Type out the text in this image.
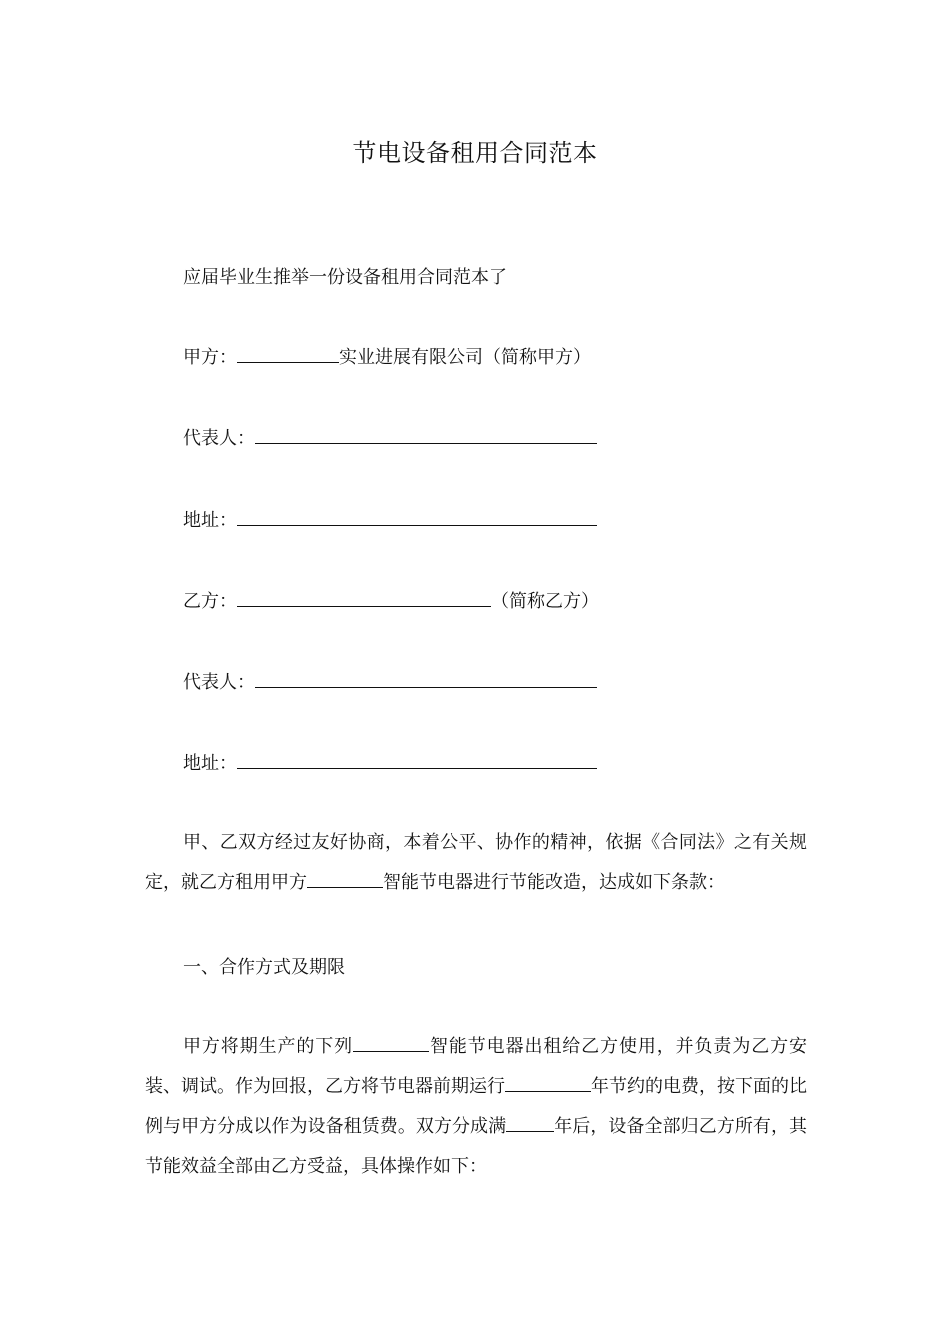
节电设备租用合同范本
应届毕业生推举一份设备租用合同范本了
甲方：	实业进展有限公司（简称甲方）
代表人：
地址：
乙方：	（简称乙方）
代表人：
地址：
甲、乙双方经过友好协商，本着公平、协作的精神，依据《合同法》之有关规定，就乙方租用甲方	智能节电器进行节能改造，达成如下条款：
一、合作方式及期限
甲方将期生产的下列	智能节电器出租给乙方使用，并负责为乙方安装、调试。作为回报，乙方将节电器前期运行	年节约的电费，按下面的比例与甲方分成以作为设备租赁费。双方分成满	年后，设备全部归乙方所有，其节能效益全部由乙方受益，具体操作如下：
